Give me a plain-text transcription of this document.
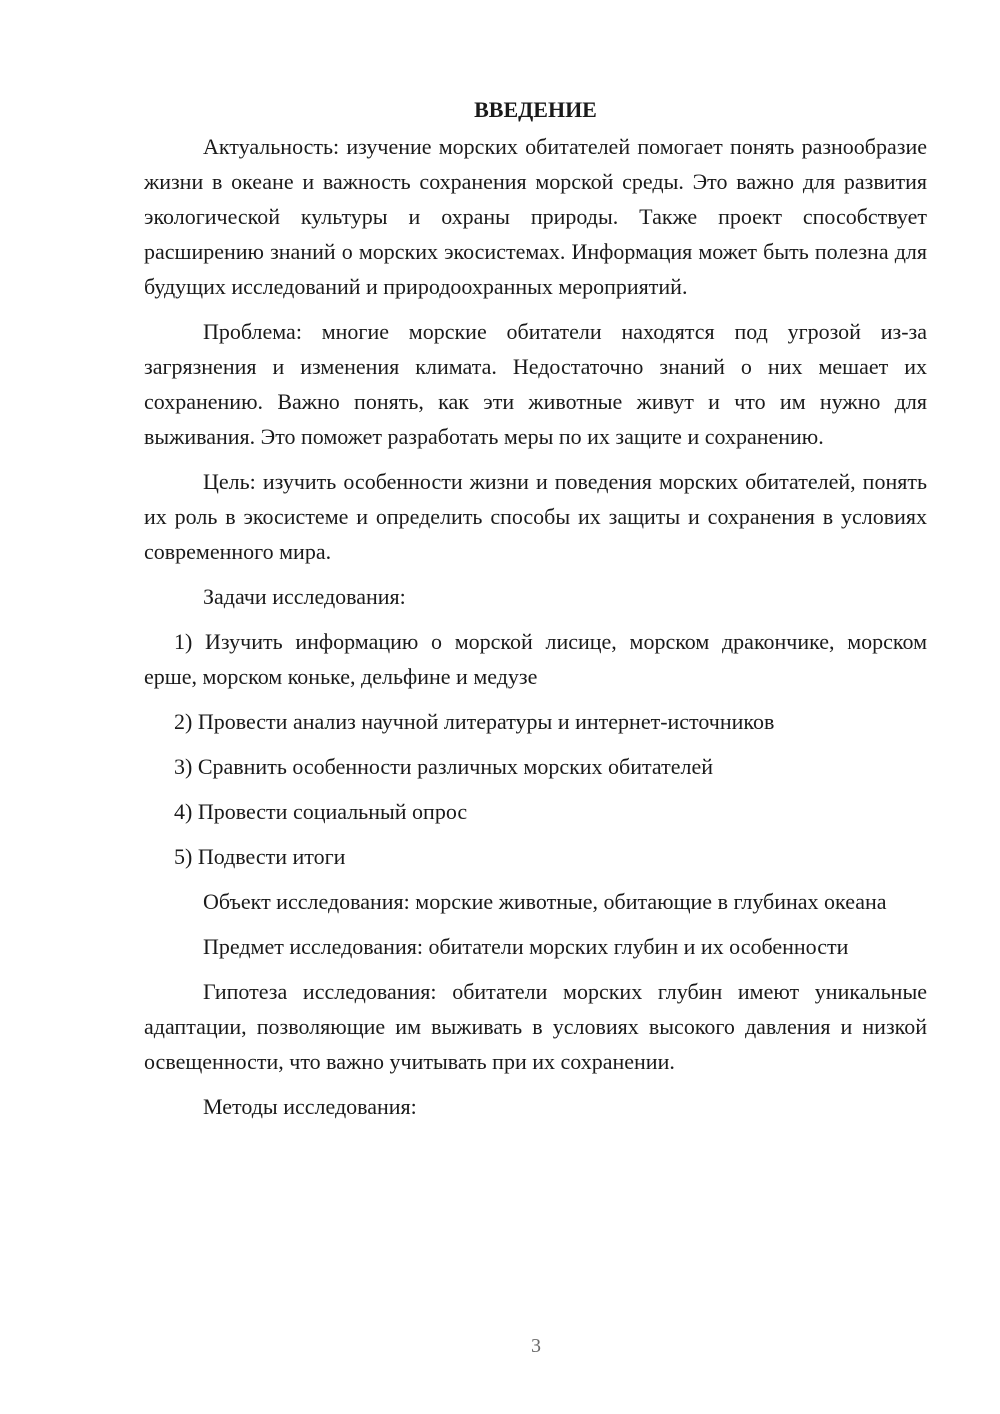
ВВЕДЕНИЕ

Актуальность: изучение морских обитателей помогает понять разнообразие жизни в океане и важность сохранения морской среды. Это важно для развития экологической культуры и охраны природы. Также проект способствует расширению знаний о морских экосистемах. Информация может быть полезна для будущих исследований и природоохранных мероприятий.

Проблема: многие морские обитатели находятся под угрозой из-за загрязнения и изменения климата. Недостаточно знаний о них мешает их сохранению. Важно понять, как эти животные живут и что им нужно для выживания. Это поможет разработать меры по их защите и сохранению.

Цель: изучить особенности жизни и поведения морских обитателей, понять их роль в экосистеме и определить способы их защиты и сохранения в условиях современного мира.

Задачи исследования:

1) Изучить информацию о морской лисице, морском дракончике, морском ерше, морском коньке, дельфине и медузе

2) Провести анализ научной литературы и интернет-источников

3) Сравнить особенности различных морских обитателей

4) Провести социальный опрос

5) Подвести итоги

Объект исследования: морские животные, обитающие в глубинах океана

Предмет исследования: обитатели морских глубин и их особенности

Гипотеза исследования: обитатели морских глубин имеют уникальные адаптации, позволяющие им выживать в условиях высокого давления и низкой освещенности, что важно учитывать при их сохранении.

Методы исследования:

3
